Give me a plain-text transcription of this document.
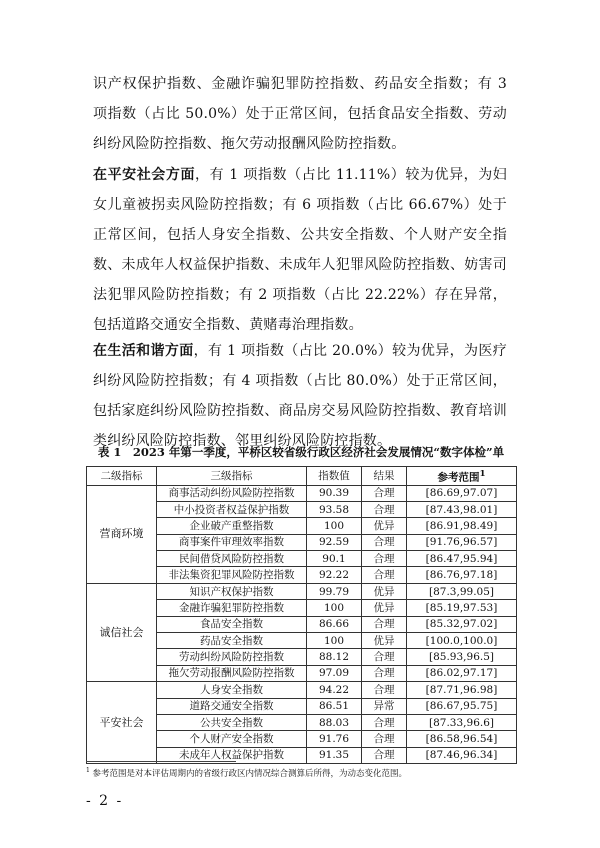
识产权保护指数、金融诈骗犯罪防控指数、药品安全指数；有 3 项指数（占比 50.0%）处于正常区间，包括食品安全指数、劳动纠纷风险防控指数、拖欠劳动报酬风险防控指数。

在平安社会方面，有 1 项指数（占比 11.11%）较为优异，为妇女儿童被拐卖风险防控指数；有 6 项指数（占比 66.67%）处于正常区间，包括人身安全指数、公共安全指数、个人财产安全指数、未成年人权益保护指数、未成年人犯罪风险防控指数、妨害司法犯罪风险防控指数；有 2 项指数（占比 22.22%）存在异常，包括道路交通安全指数、黄赌毒治理指数。

在生活和谐方面，有 1 项指数（占比 20.0%）较为优异，为医疗纠纷风险防控指数；有 4 项指数（占比 80.0%）处于正常区间，包括家庭纠纷风险防控指数、商品房交易风险防控指数、教育培训类纠纷风险防控指数、邻里纠纷风险防控指数。

表 1　2023 年第一季度，平桥区较省级行政区经济社会发展情况“数字体检”单
二级指标	三级指标	指数值	结果	参考范围$^1$
营商环境	商事活动纠纷风险防控指数	90.39	合理	[86.69,97.07]
	中小投资者权益保护指数	93.58	合理	[87.43,98.01]
	企业破产重整指数	100	优异	[86.91,98.49]
	商事案件审理效率指数	92.59	合理	[91.76,96.57]
	民间借贷风险防控指数	90.1	合理	[86.47,95.94]
	非法集资犯罪风险防控指数	92.22	合理	[86.76,97.18]
诚信社会	知识产权保护指数	99.79	优异	[87.3,99.05]
	金融诈骗犯罪防控指数	100	优异	[85.19,97.53]
	食品安全指数	86.66	合理	[85.32,97.02]
	药品安全指数	100	优异	[100.0,100.0]
	劳动纠纷风险防控指数	88.12	合理	[85.93,96.5]
	拖欠劳动报酬风险防控指数	97.09	合理	[86.02,97.17]
平安社会	人身安全指数	94.22	合理	[87.71,96.98]
	道路交通安全指数	86.51	异常	[86.67,95.75]
	公共安全指数	88.03	合理	[87.33,96.6]
	个人财产安全指数	91.76	合理	[86.58,96.54]
	未成年人权益保护指数	91.35	合理	[87.46,96.34]
$^1$ 参考范围是对本评估周期内的省级行政区内情况综合测算后所得，为动态变化范围。
- 2 -
